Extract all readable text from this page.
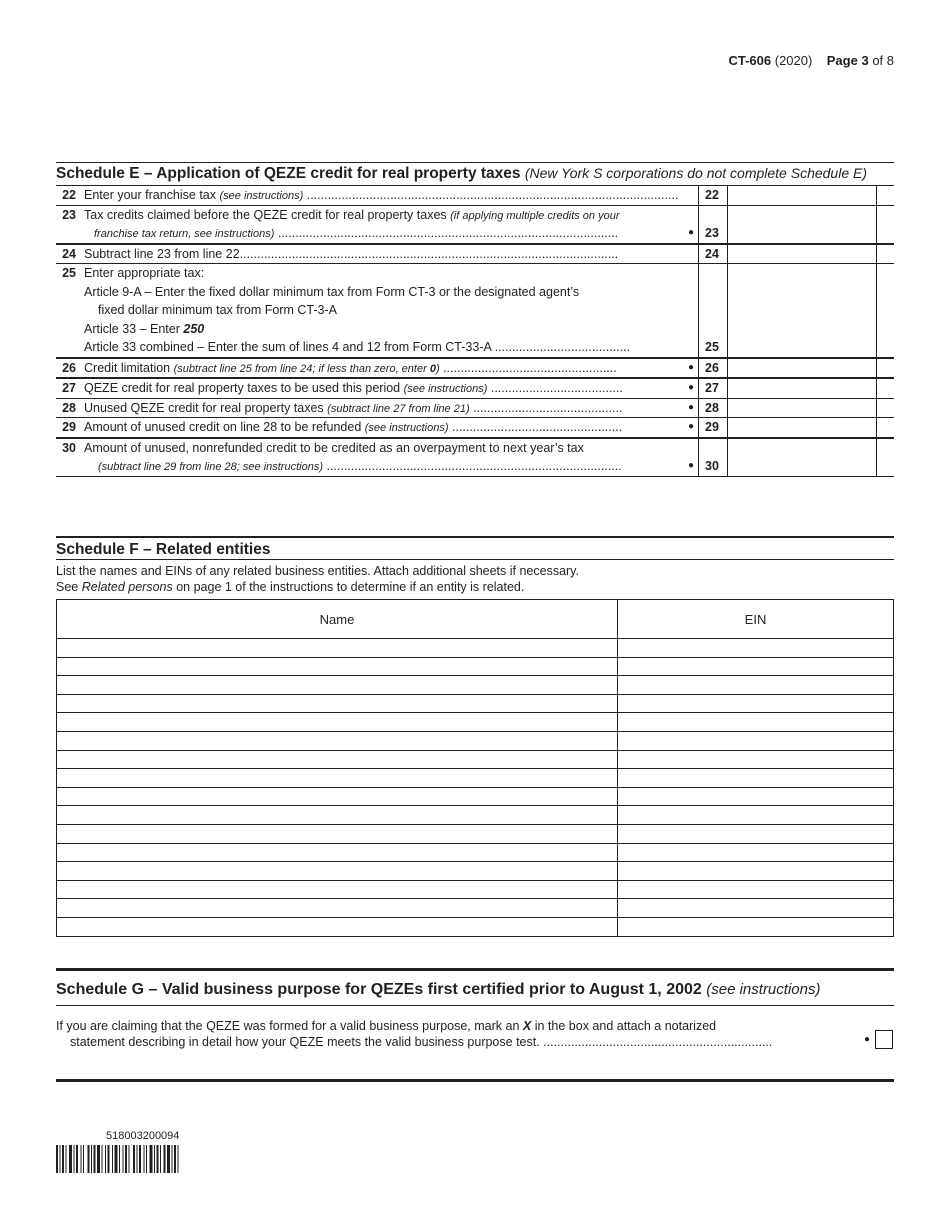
CT-606 (2020) Page 3 of 8
Schedule E – Application of QEZE credit for real property taxes (New York S corporations do not complete Schedule E)
22 Enter your franchise tax (see instructions) ...........................................................................................................	22
23 Tax credits claimed before the QEZE credit for real property taxes (if applying multiple credits on your
franchise tax return, see instructions) ..................................................................................................	● 23
24 Subtract line 23 from line 22.............................................................................................................	24
25 Enter appropriate tax:
Article 9-A – Enter the fixed dollar minimum tax from Form CT-3 or the designated agent’s
fixed dollar minimum tax from Form CT-3-A
Article 33 – Enter 250
Article 33 combined – Enter the sum of lines 4 and 12 from Form CT-33-A .......................................	25
26 Credit limitation (subtract line 25 from line 24; if less than zero, enter 0) ..................................................	● 26
27 QEZE credit for real property taxes to be used this period (see instructions) ......................................	● 27
28 Unused QEZE credit for real property taxes (subtract line 27 from line 21) ...........................................	● 28
29 Amount of unused credit on line 28 to be refunded (see instructions) .................................................	● 29
30 Amount of unused, nonrefunded credit to be credited as an overpayment to next year’s tax
(subtract line 29 from line 28; see instructions) .....................................................................................	● 30
Schedule F – Related entities
List the names and EINs of any related business entities. Attach additional sheets if necessary.
See Related persons on page 1 of the instructions to determine if an entity is related.
Name	EIN

Schedule G – Valid business purpose for QEZEs first certified prior to August 1, 2002 (see instructions)
If you are claiming that the QEZE was formed for a valid business purpose, mark an X in the box and attach a notarized
statement describing in detail how your QEZE meets the valid business purpose test. ..................................................................	●
518003200094
